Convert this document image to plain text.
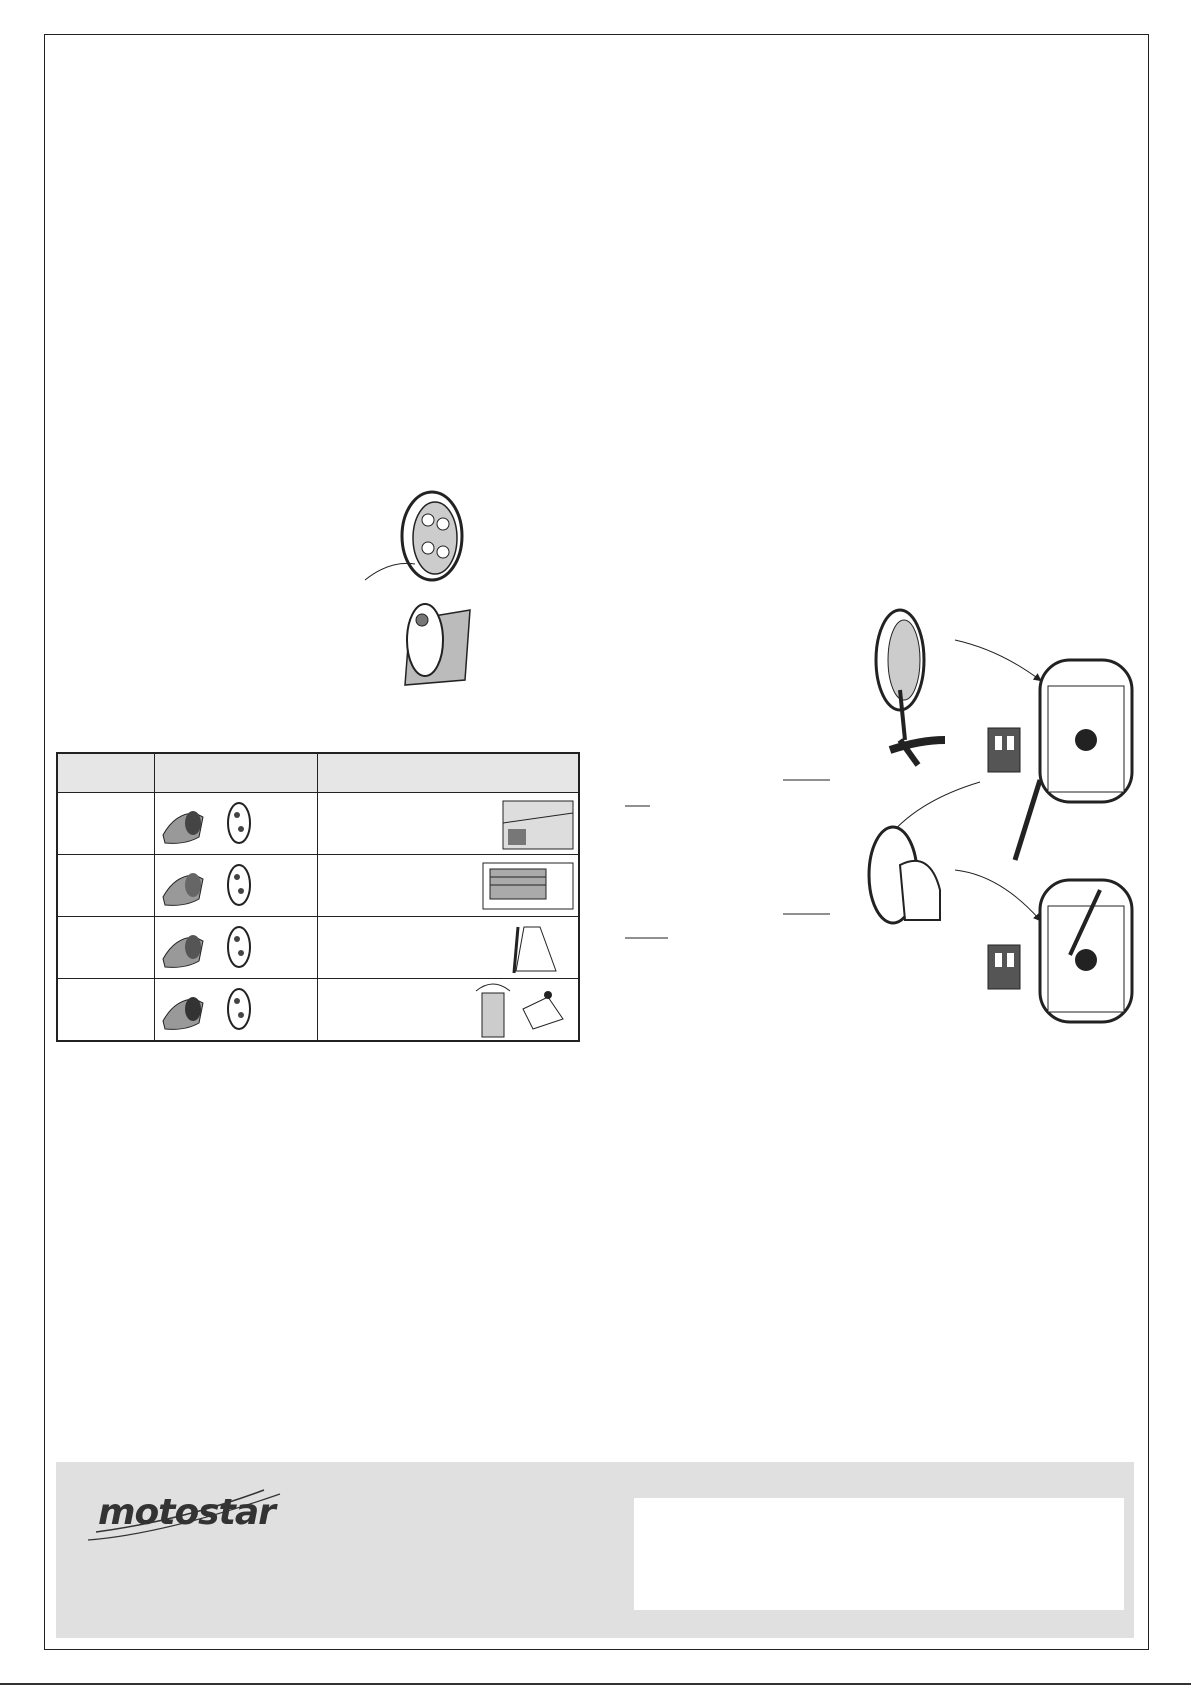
motostar
